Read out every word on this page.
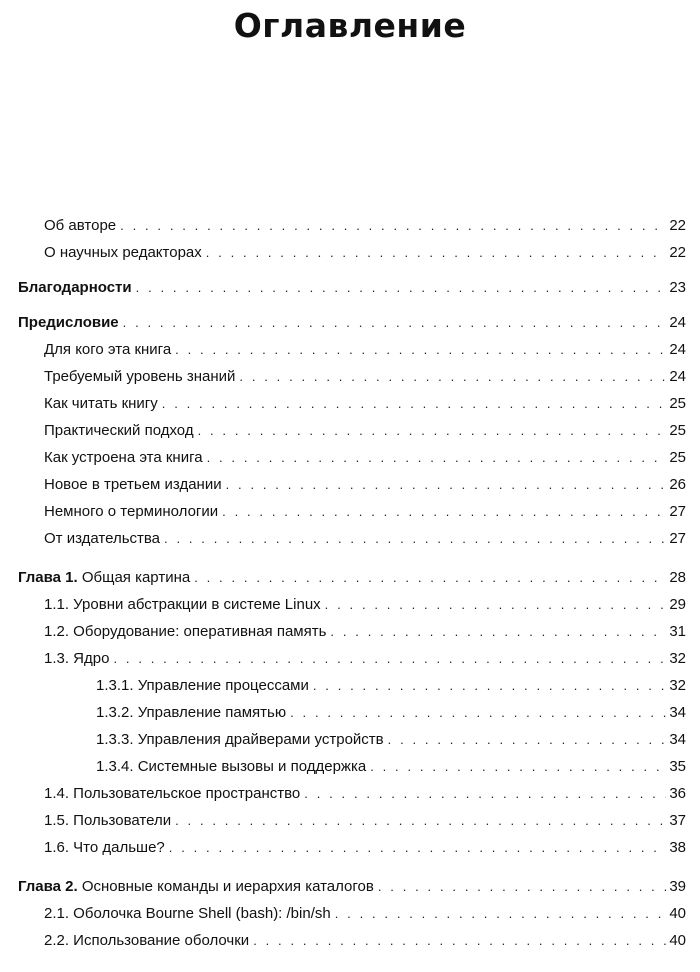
Оглавление
Об авторе . . .	22
О научных редакторах . . .	22
Благодарности . . .	23
Предисловие . . .	24
Для кого эта книга . . .	24
Требуемый уровень знаний . . .	24
Как читать книгу . . .	25
Практический подход . . .	25
Как устроена эта книга . . .	25
Новое в третьем издании . . .	26
Немного о терминологии . . .	27
От издательства . . .	27
Глава 1. Общая картина . . .	28
1.1. Уровни абстракции в системе Linux . . .	29
1.2. Оборудование: оперативная память . . .	31
1.3. Ядро . . .	32
1.3.1. Управление процессами . . .	32
1.3.2. Управление памятью . . .	34
1.3.3. Управления драйверами устройств . . .	34
1.3.4. Системные вызовы и поддержка . . .	35
1.4. Пользовательское пространство . . .	36
1.5. Пользователи . . .	37
1.6. Что дальше? . . .	38
Глава 2. Основные команды и иерархия каталогов . . .	39
2.1. Оболочка Bourne Shell (bash): /bin/sh . . .	40
2.2. Использование оболочки . . .	40
